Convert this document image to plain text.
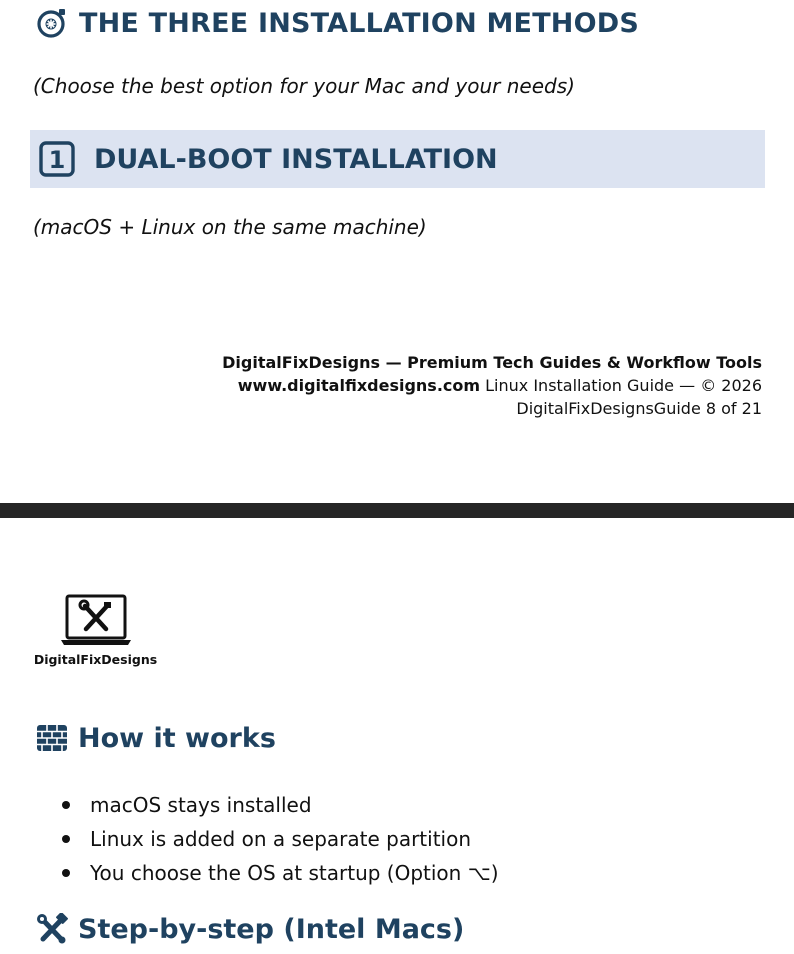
THE THREE INSTALLATION METHODS
(Choose the best option for your Mac and your needs)
1 DUAL-BOOT INSTALLATION
(macOS + Linux on the same machine)
DigitalFixDesigns — Premium Tech Guides & Workflow Tools
www.digitalfixdesigns.com Linux Installation Guide — © 2026
DigitalFixDesignsGuide 8 of 21
DigitalFixDesigns
How it works
macOS stays installed
Linux is added on a separate partition
You choose the OS at startup (Option ⌥)
Step-by-step (Intel Macs)
